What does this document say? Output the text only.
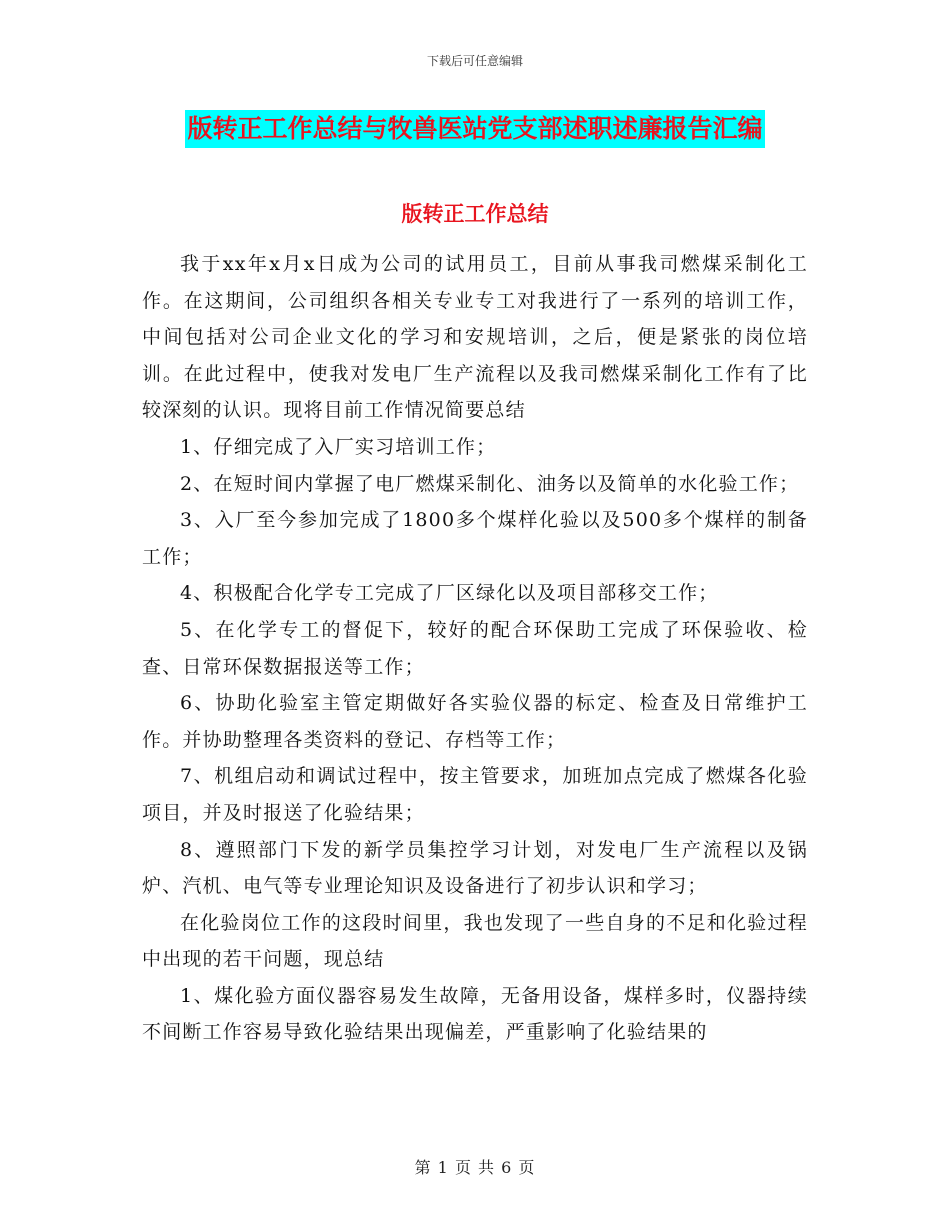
下载后可任意编辑
版转正工作总结与牧兽医站党支部述职述廉报告汇编
版转正工作总结

我于xx年x月x日成为公司的试用员工，目前从事我司燃煤采制化工作。在这期间，公司组织各相关专业专工对我进行了一系列的培训工作，中间包括对公司企业文化的学习和安规培训，之后，便是紧张的岗位培训。在此过程中，使我对发电厂生产流程以及我司燃煤采制化工作有了比较深刻的认识。现将目前工作情况简要总结

1、仔细完成了入厂实习培训工作；

2、在短时间内掌握了电厂燃煤采制化、油务以及简单的水化验工作；

3、入厂至今参加完成了1800多个煤样化验以及500多个煤样的制备工作；

4、积极配合化学专工完成了厂区绿化以及项目部移交工作；

5、在化学专工的督促下，较好的配合环保助工完成了环保验收、检查、日常环保数据报送等工作；

6、协助化验室主管定期做好各实验仪器的标定、检查及日常维护工作。并协助整理各类资料的登记、存档等工作；

7、机组启动和调试过程中，按主管要求，加班加点完成了燃煤各化验项目，并及时报送了化验结果；

8、遵照部门下发的新学员集控学习计划，对发电厂生产流程以及锅炉、汽机、电气等专业理论知识及设备进行了初步认识和学习；

在化验岗位工作的这段时间里，我也发现了一些自身的不足和化验过程中出现的若干问题，现总结

1、煤化验方面仪器容易发生故障，无备用设备，煤样多时，仪器持续不间断工作容易导致化验结果出现偏差，严重影响了化验结果的

第 1 页 共 6 页
